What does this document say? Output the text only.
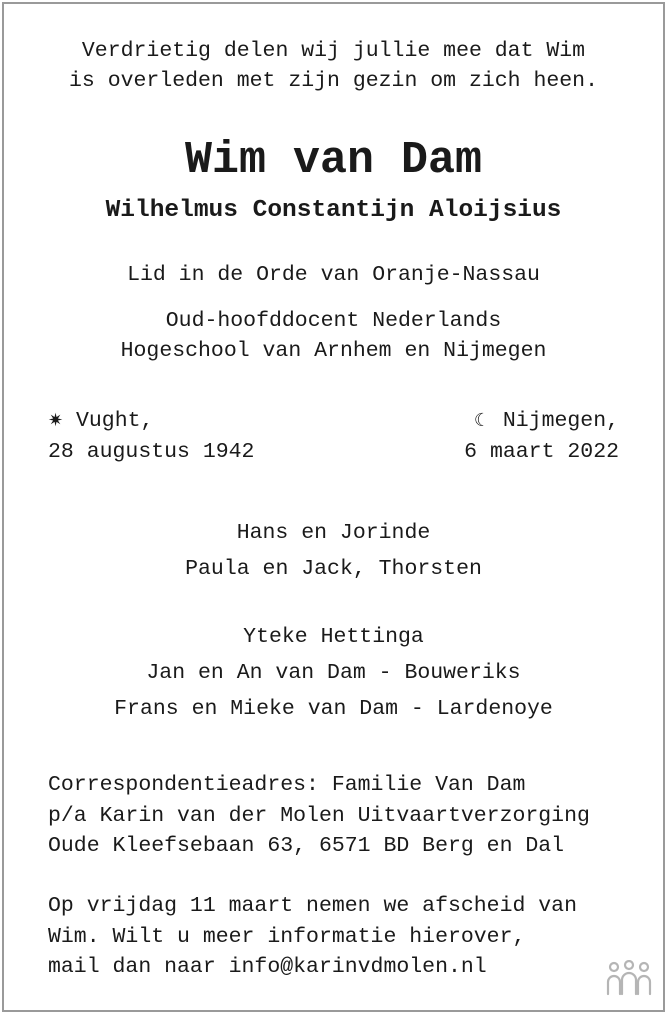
Verdrietig delen wij jullie mee dat Wim
is overleden met zijn gezin om zich heen.
Wim van Dam
Wilhelmus Constantijn Aloijsius
Lid in de Orde van Oranje-Nassau
Oud-hoofddocent Nederlands
Hogeschool van Arnhem en Nijmegen
✷ Vught,
28 augustus 1942
☾ Nijmegen,
6 maart 2022
Hans en Jorinde
Paula en Jack, Thorsten
Yteke Hettinga
Jan en An van Dam - Bouweriks
Frans en Mieke van Dam - Lardenoye
Correspondentieadres: Familie Van Dam
p/a Karin van der Molen Uitvaartverzorging
Oude Kleefsebaan 63, 6571 BD Berg en Dal
Op vrijdag 11 maart nemen we afscheid van
Wim. Wilt u meer informatie hierover,
mail dan naar info@karinvdmolen.nl
